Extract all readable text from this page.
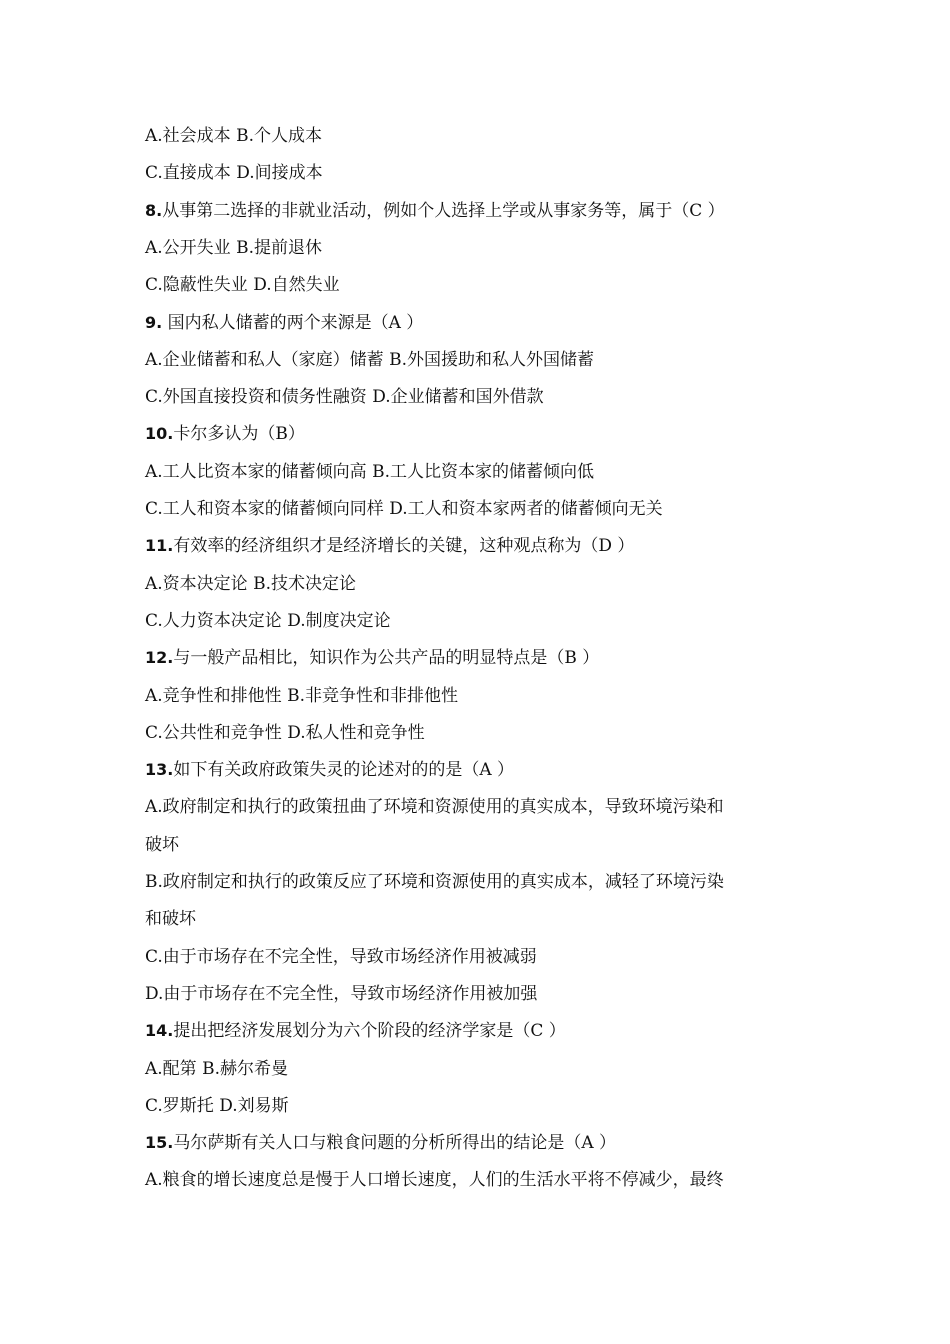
A.社会成本 B.个人成本
C.直接成本 D.间接成本
8.从事第二选择的非就业活动，例如个人选择上学或从事家务等，属于（C ）
A.公开失业 B.提前退休
C.隐蔽性失业 D.自然失业
9. 国内私人储蓄的两个来源是（A ）
A.企业储蓄和私人（家庭）储蓄 B.外国援助和私人外国储蓄
C.外国直接投资和债务性融资 D.企业储蓄和国外借款
10.卡尔多认为（B）
A.工人比资本家的储蓄倾向高 B.工人比资本家的储蓄倾向低
C.工人和资本家的储蓄倾向同样 D.工人和资本家两者的储蓄倾向无关
11.有效率的经济组织才是经济增长的关键，这种观点称为（D ）
A.资本决定论 B.技术决定论
C.人力资本决定论 D.制度决定论
12.与一般产品相比，知识作为公共产品的明显特点是（B ）
A.竞争性和排他性 B.非竞争性和非排他性
C.公共性和竞争性 D.私人性和竞争性
13.如下有关政府政策失灵的论述对的的是（A ）
A.政府制定和执行的政策扭曲了环境和资源使用的真实成本，导致环境污染和
破坏
B.政府制定和执行的政策反应了环境和资源使用的真实成本，减轻了环境污染
和破坏
C.由于市场存在不完全性，导致市场经济作用被减弱
D.由于市场存在不完全性，导致市场经济作用被加强
14.提出把经济发展划分为六个阶段的经济学家是（C ）
A.配第 B.赫尔希曼
C.罗斯托 D.刘易斯
15.马尔萨斯有关人口与粮食问题的分析所得出的结论是（A ）
A.粮食的增长速度总是慢于人口增长速度，人们的生活水平将不停减少，最终
